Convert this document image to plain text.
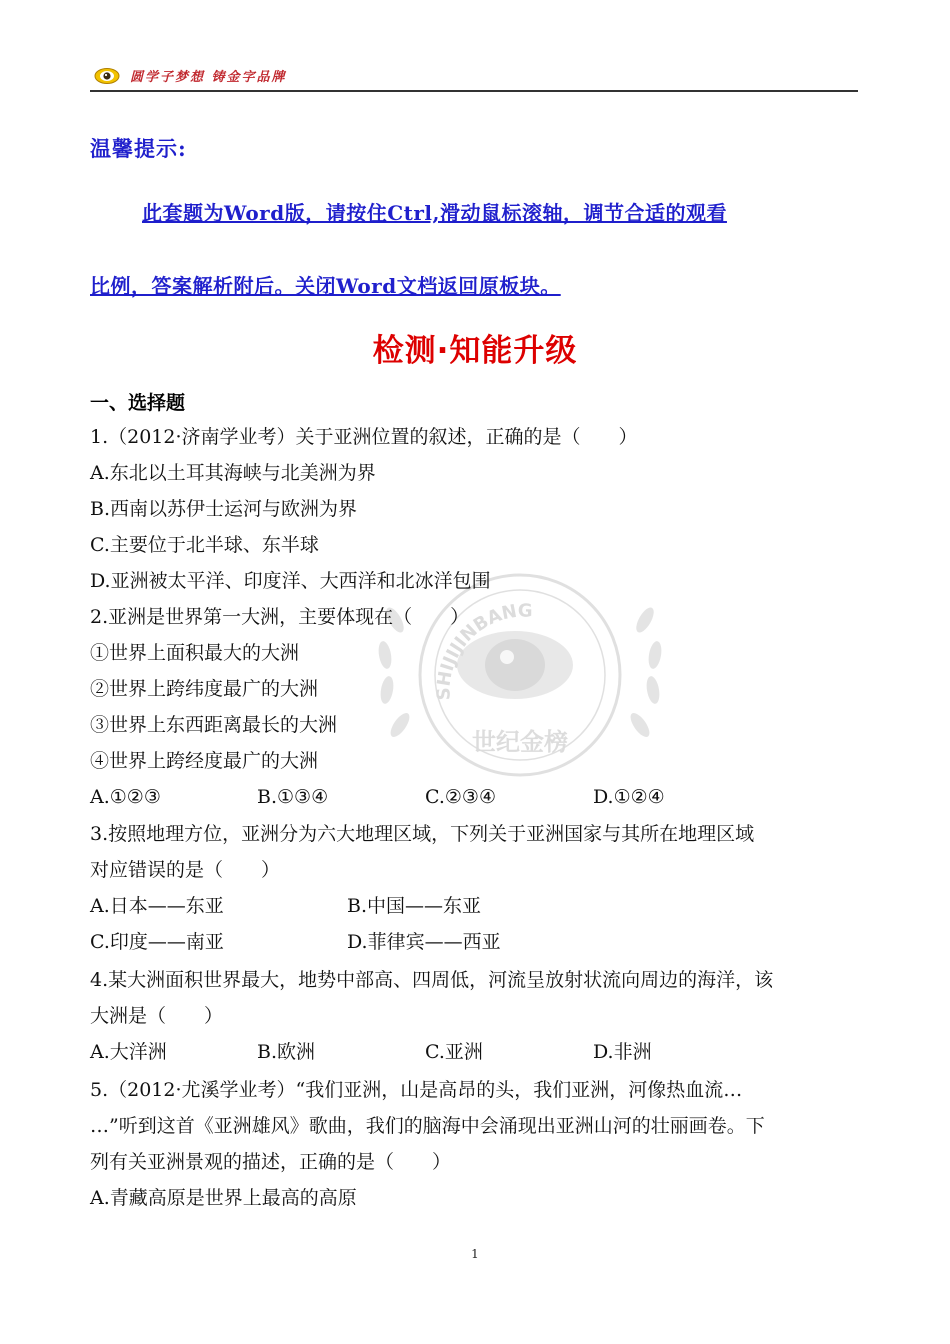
圆学子梦想 铸金字品牌
温馨提示:
此套题为Word版，请按住Ctrl,滑动鼠标滚轴，调节合适的观看
比例，答案解析附后。关闭Word文档返回原板块。
检测·知能升级
一、选择题
SHIJIJINBANG
世纪金榜
1.（2012·济南学业考）关于亚洲位置的叙述，正确的是（　　）
A.东北以土耳其海峡与北美洲为界
B.西南以苏伊士运河与欧洲为界
C.主要位于北半球、东半球
D.亚洲被太平洋、印度洋、大西洋和北冰洋包围
2.亚洲是世界第一大洲，主要体现在（　　）
①世界上面积最大的大洲
②世界上跨纬度最广的大洲
③世界上东西距离最长的大洲
④世界上跨经度最广的大洲
A.①②③	B.①③④	C.②③④	D.①②④
3.按照地理方位，亚洲分为六大地理区域，下列关于亚洲国家与其所在地理区域
对应错误的是（　　）
A.日本——东亚	B.中国——东亚
C.印度——南亚	D.菲律宾——西亚
4.某大洲面积世界最大，地势中部高、四周低，河流呈放射状流向周边的海洋，该
大洲是（　　）
A.大洋洲	B.欧洲	C.亚洲	D.非洲
5.（2012·尤溪学业考）“我们亚洲，山是高昂的头，我们亚洲，河像热血流…
…”听到这首《亚洲雄风》歌曲，我们的脑海中会涌现出亚洲山河的壮丽画卷。下
列有关亚洲景观的描述，正确的是（　　）
A.青藏高原是世界上最高的高原
1
